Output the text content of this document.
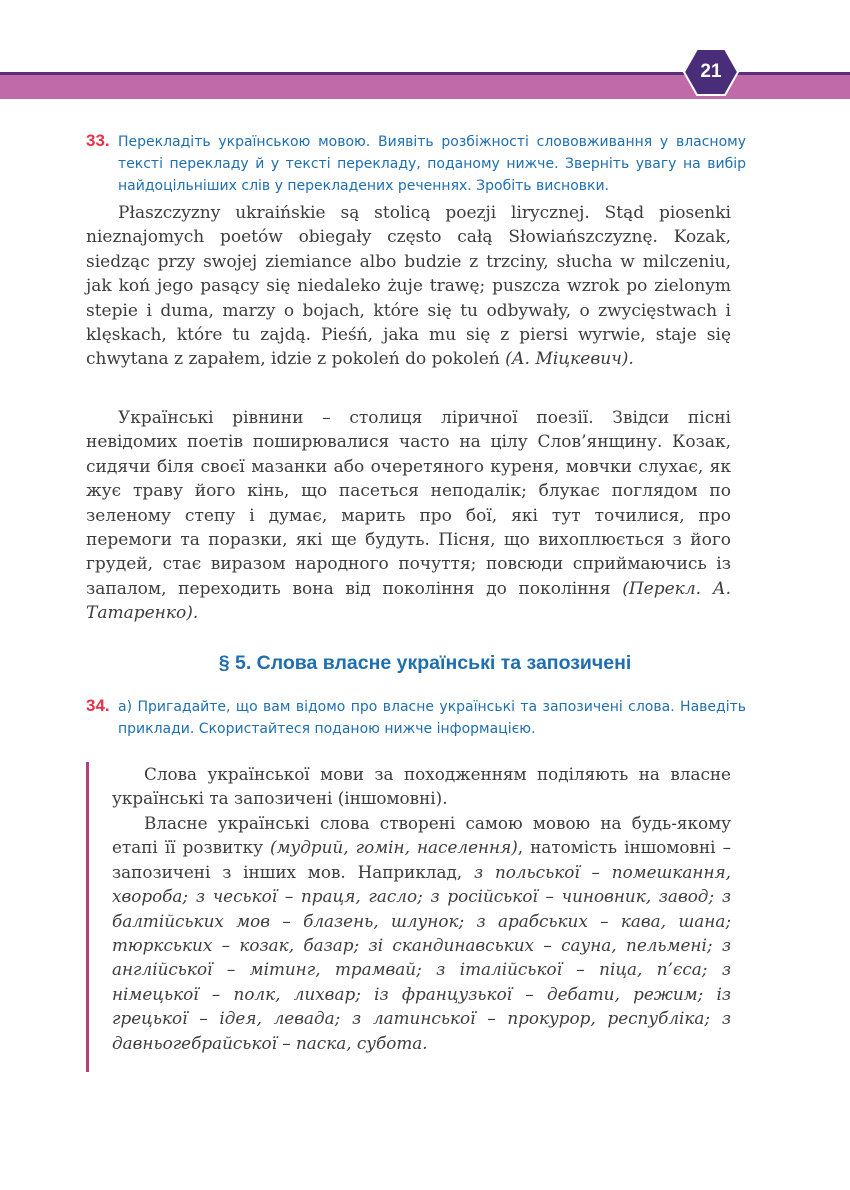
21
33. Перекладіть українською мовою. Виявіть розбіжності слововживання у власному тексті перекладу й у тексті перекладу, поданому нижче. Зверніть увагу на вибір найдоцільніших слів у перекладених реченнях. Зробіть висновки.

Płaszczyzny ukraińskie są stolicą poezji lirycznej. Stąd piosenki nieznajomych poetów obiegały często całą Słowiańszczyznę. Kozak, siedząc przy swojej ziemiance albo budzie z trzciny, słucha w milczeniu, jak koń jego pasący się niedaleko żuje trawę; puszcza wzrok po zielonym stepie i duma, marzy o bojach, które się tu odbywały, o zwycięstwach i klęskach, które tu zajdą. Pieśń, jaka mu się z piersi wyrwie, staje się chwytana z zapałem, idzie z pokoleń do pokoleń (А. Міцкевич).

Українські рівнини – столиця ліричної поезії. Звідси пісні невідомих поетів поширювалися часто на цілу Слов’янщину. Козак, сидячи біля своєї мазанки або очеретяного куреня, мовчки слухає, як жує траву його кінь, що пасеться неподалік; блукає поглядом по зеленому степу і думає, марить про бої, які тут точилися, про перемоги та поразки, які ще будуть. Пісня, що вихоплюється з його грудей, стає виразом народного почуття; повсюди сприймаючись із запалом, переходить вона від покоління до покоління (Перекл. А. Татаренко).

§ 5. Слова власне українські та запозичені
34. а) Пригадайте, що вам відомо про власне українські та запозичені слова. Наведіть приклади. Скористайтеся поданою нижче інформацією.

Слова української мови за походженням поділяють на власне українські та запозичені (іншомовні).

Власне українські слова створені самою мовою на будь-якому етапі її розвитку (мудрий, гомін, населення), натомість іншомовні – запозичені з інших мов. Наприклад, з польської – помешкання, хвороба; з чеської – праця, гасло; з російської – чиновник, завод; з балтійських мов – блазень, шлунок; з арабських – кава, шана; тюркських – козак, базар; зі скандинавських – сауна, пельмені; з англійської – мітинг, трамвай; з італійської – піца, п’єса; з німецької – полк, лихвар; із французької – дебати, режим; із грецької – ідея, левада; з латинської – прокурор, республіка; з давньогебрайської – паска, субота.
